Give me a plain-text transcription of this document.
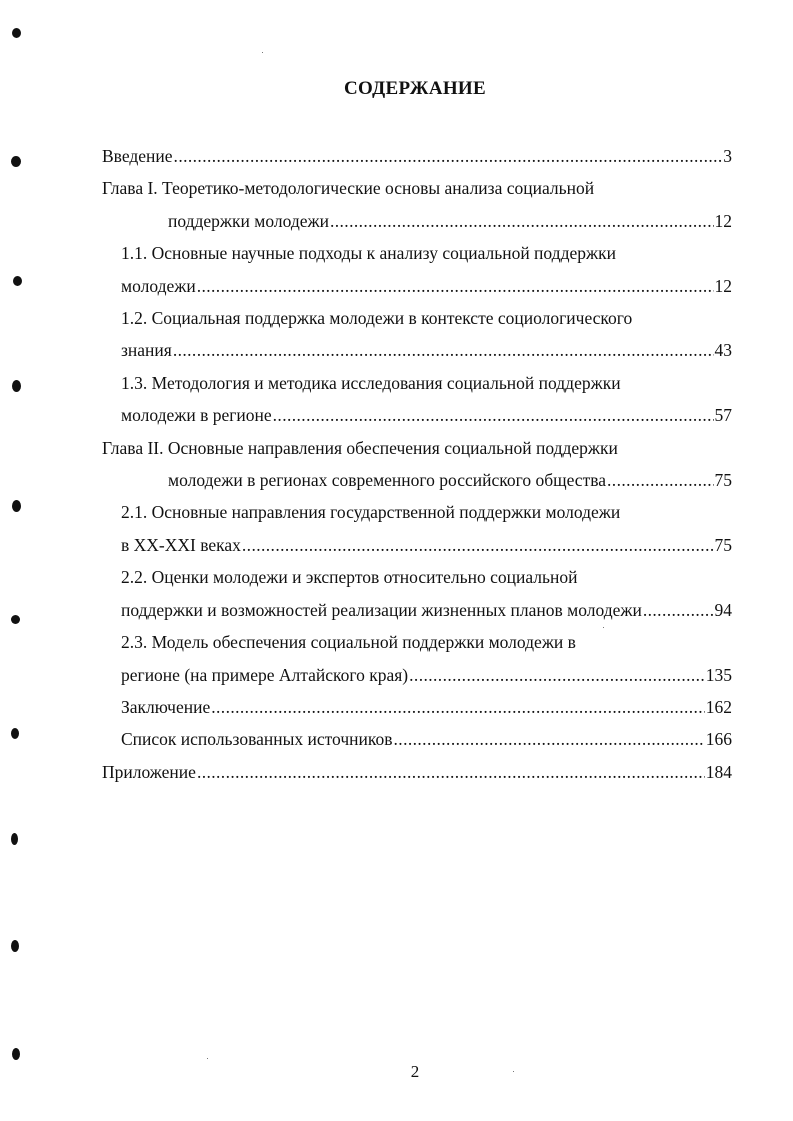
СОДЕРЖАНИЕ
Введение .....	3
Глава I. Теоретико-методологические основы анализа социальной
поддержки молодежи .....	12
1.1. Основные научные подходы к анализу социальной поддержки
молодежи .....	12
1.2. Социальная поддержка молодежи в контексте социологического
знания .....	43
1.3. Методология и методика исследования социальной поддержки
молодежи в регионе .....	57
Глава II. Основные направления обеспечения социальной поддержки
молодежи в регионах современного российского общества .....	75
2.1. Основные направления государственной поддержки молодежи
в XX-XXI веках .....	75
2.2. Оценки молодежи и экспертов относительно социальной
поддержки и возможностей реализации жизненных планов молодежи .....	94
2.3. Модель обеспечения социальной поддержки молодежи в
регионе (на примере Алтайского края) .....	135
Заключение .....	162
Список использованных источников .....	166
Приложение .....	184
2
